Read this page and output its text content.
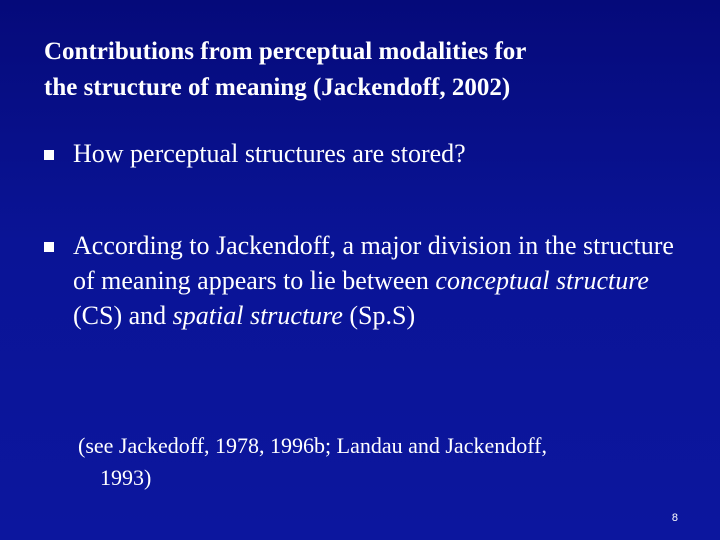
Contributions from perceptual modalities for
the structure of meaning (Jackendoff, 2002)
How perceptual structures are stored?
According to Jackendoff, a major division in the structure of meaning appears to lie between conceptual structure (CS) and spatial structure (Sp.S)
(see Jackedoff, 1978, 1996b; Landau and Jackendoff,
1993)
8
